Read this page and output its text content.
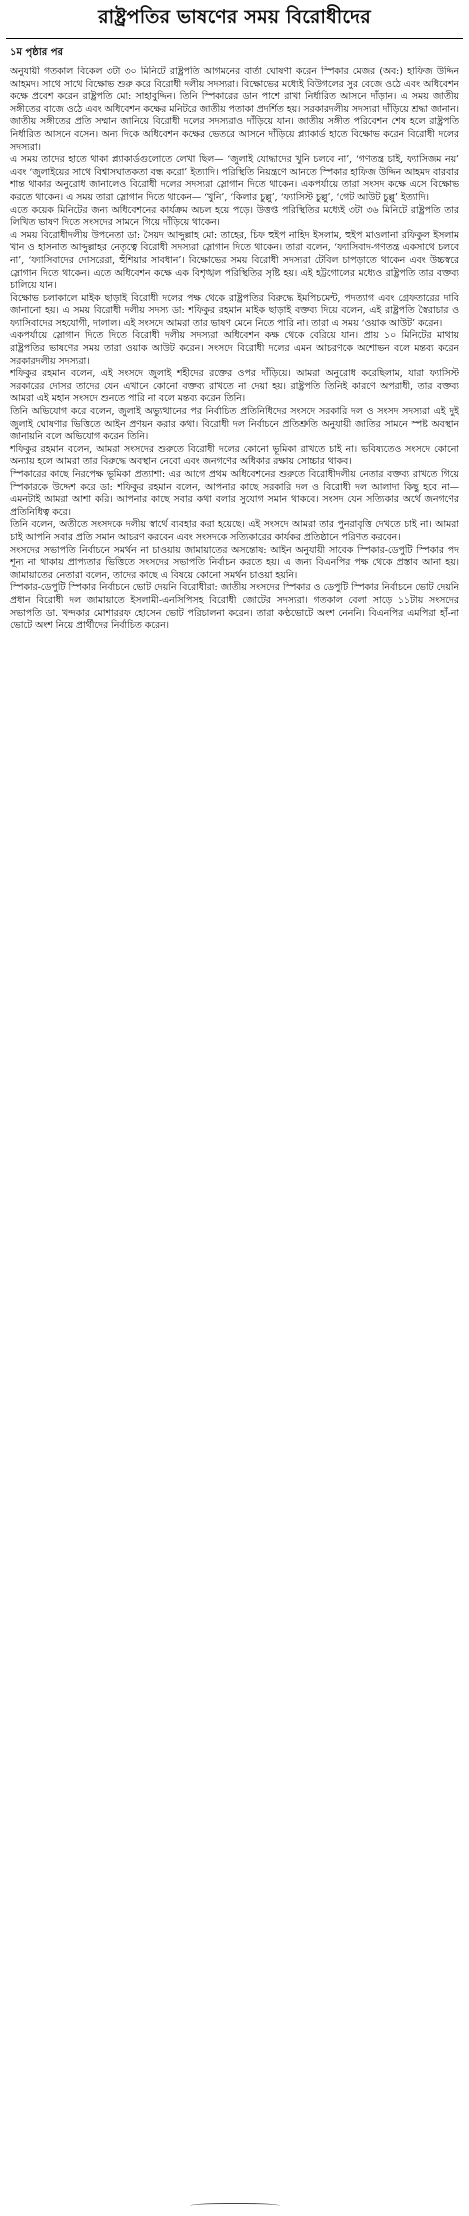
রাষ্ট্রপতির ভাষণের সময় বিরোধীদের
১ম পৃষ্ঠার পর

অনুযায়ী গতকাল বিকেল ৩টা ৩০ মিনিটে রাষ্ট্রপতি আগমনের বার্তা ঘোষণা করেন স্পিকার মেজর (অব:) হাফিজ উদ্দিন আহমদ। সাথে সাথে বিক্ষোভ শুরু করে বিরোধী দলীয় সদস্যরা। বিক্ষোভের মধ্যেই বিউগলের সুর বেজে ওঠে এবং অধিবেশন কক্ষে প্রবেশ করেন রাষ্ট্রপতি মো: সাহাবুদ্দিন। তিনি স্পিকারের ডান পাশে রাখা নির্ধারিত আসনে দাঁড়ান। এ সময় জাতীয় সঙ্গীতের বাজে ওঠে এবং অধিবেশন কক্ষের মনিটরে জাতীয় পতাকা প্রদর্শিত হয়। সরকারদলীয় সদস্যরা দাঁড়িয়ে শ্রদ্ধা জানান। জাতীয় সঙ্গীতের প্রতি সম্মান জানিয়ে বিরোধী দলের সদস্যরাও দাঁড়িয়ে যান। জাতীয় সঙ্গীত পরিবেশন শেষ হলে রাষ্ট্রপতি নির্ধারিত আসনে বসেন। অন্য দিকে অধিবেশন কক্ষের ভেতরে আসনে দাঁড়িয়ে প্ল্যাকার্ড হাতে বিক্ষোভ করেন বিরোধী দলের সদস্যরা।

এ সময় তাদের হাতে থাকা প্ল্যাকার্ডগুলোতে লেখা ছিল— ‘জুলাই যোদ্ধাদের খুনি চলবে না’, ‘গণতন্ত্র চাই, ফ্যাসিজম নয়’ এবং ‘জুলাইয়ের সাথে বিশ্বাসঘাতকতা বন্ধ করো’ ইত্যাদি। পরিস্থিতি নিয়ন্ত্রণে আনতে স্পিকার হাফিজ উদ্দিন আহমদ বারবার শান্ত থাকার অনুরোধ জানালেও বিরোধী দলের সদস্যরা স্লোগান দিতে থাকেন। একপর্যায়ে তারা সংসদ কক্ষে এসে বিক্ষোভ করতে থাকেন। এ সময় তারা স্লোগান দিতে থাকেন— ‘খুনি’, ‘কিলার চুল্লু’, ‘ফ্যাসিস্ট চুল্লু’, ‘গেট আউট চুল্লু’ ইত্যাদি।

এতে কয়েক মিনিটের জন্য অধিবেশনের কার্যক্রম অচল হয়ে পড়ে। উত্তপ্ত পরিস্থিতির মধ্যেই ৩টা ৩৬ মিনিটে রাষ্ট্রপতি তার লিখিত ভাষণ দিতে সংসদের সামনে গিয়ে দাঁড়িয়ে থাকেন।

এ সময় বিরোধীদলীয় উপনেতা ডা: সৈয়দ আব্দুল্লাহ মো: তাহের, চিফ হুইপ নাহিদ ইসলাম, হুইপ মাওলানা রফিকুল ইসলাম খান ও হাসনাত আব্দুল্লাহর নেতৃত্বে বিরোধী সদস্যরা স্লোগান দিতে থাকেন। তারা বলেন, ‘ফ্যাসিবাদ-গণতন্ত্র একসাথে চলবে না’, ‘ফ্যাসিবাদের দোসরেরা, হুঁশিয়ার সাবধান’। বিক্ষোভের সময় বিরোধী সদস্যরা টেবিল চাপড়াতে থাকেন এবং উচ্চস্বরে স্লোগান দিতে থাকেন। এতে অধিবেশন কক্ষে এক বিশৃঙ্খল পরিস্থিতির সৃষ্টি হয়। এই হট্টগোলের মধ্যেও রাষ্ট্রপতি তার বক্তব্য চালিয়ে যান।

বিক্ষোভ চলাকালে মাইক ছাড়াই বিরোধী দলের পক্ষ থেকে রাষ্ট্রপতির বিরুদ্ধে ইমপিচমেন্ট, পদত্যাগ এবং গ্রেফতারের দাবি জানানো হয়। এ সময় বিরোধী দলীয় সদস্য ডা: শফিকুর রহমান মাইক ছাড়াই বক্তব্য দিয়ে বলেন, এই রাষ্ট্রপতি স্বৈরাচার ও ফ্যাসিবাদের সহযোগী, দালাল। এই সংসদে আমরা তার ভাষণ মেনে নিতে পারি না। তারা এ সময় ‘ওয়াক আউট’ করেন।

একপর্যায়ে স্লোগান দিতে দিতে বিরোধী দলীয় সদস্যরা অধিবেশন কক্ষ থেকে বেরিয়ে যান। প্রায় ১০ মিনিটের মাথায় রাষ্ট্রপতির ভাষণের সময় তারা ওয়াক আউট করেন। সংসদে বিরোধী দলের এমন আচরণকে অশোভন বলে মন্তব্য করেন সরকারদলীয় সদস্যরা।

শফিকুর রহমান বলেন, এই সংসদে জুলাই শহীদের রক্তের ওপর দাঁড়িয়ে। আমরা অনুরোধ করেছিলাম, যারা ফ্যাসিস্ট সরকারের দোসর তাদের যেন এখানে কোনো বক্তব্য রাখতে না দেয়া হয়। রাষ্ট্রপতি তিনিই কারণে অপরাধী, তার বক্তব্য আমরা এই মহান সংসদে শুনতে পারি না বলে মন্তব্য করেন তিনি।

তিনি অভিযোগ করে বলেন, জুলাই অভ্যুত্থানের পর নির্বাচিত প্রতিনিধিদের সংসদে সরকারি দল ও সংসদ সদস্যরা এই দুই জুলাই ঘোষণার ভিত্তিতে আইন প্রণয়ন করার কথা। বিরোধী দল নির্বাচনে প্রতিশ্রুতি অনুযায়ী জাতির সামনে স্পষ্ট অবস্থান জানায়নি বলে অভিযোগ করেন তিনি।

শফিকুর রহমান বলেন, আমরা সংসদের শুরুতে বিরোধী দলের কোনো ভূমিকা রাখতে চাই না। ভবিষ্যতেও সংসদে কোনো অন্যায় হলে আমরা তার বিরুদ্ধে অবস্থান নেবো এবং জনগণের অধিকার রক্ষায় সোচ্চার থাকব।

স্পিকারের কাছে নিরপেক্ষ ভূমিকা প্রত্যাশা: এর আগে প্রথম অধিবেশনের শুরুতে বিরোধীদলীয় নেতার বক্তব্য রাখতে গিয়ে স্পিকারকে উদ্দেশ করে ডা: শফিকুর রহমান বলেন, আপনার কাছে সরকারি দল ও বিরোধী দল আলাদা কিছু হবে না— এমনটাই আমরা আশা করি। আপনার কাছে সবার কথা বলার সুযোগ সমান থাকবে। সংসদ যেন সত্যিকার অর্থে জনগণের প্রতিনিধিত্ব করে।

তিনি বলেন, অতীতে সংসদকে দলীয় স্বার্থে ব্যবহার করা হয়েছে। এই সংসদে আমরা তার পুনরাবৃত্তি দেখতে চাই না। আমরা চাই আপনি সবার প্রতি সমান আচরণ করবেন এবং সংসদকে সত্যিকারের কার্যকর প্রতিষ্ঠানে পরিণত করবেন।

সংসদের সভাপতি নির্বাচনে সমর্থন না চাওয়ায় জামায়াতের অসন্তোষ: আইন অনুযায়ী সাবেক স্পিকার-ডেপুটি স্পিকার পদ শূন্য না থাকায় প্রাপ্যতার ভিত্তিতে সংসদের সভাপতি নির্বাচন করতে হয়। এ জন্য বিএনপির পক্ষ থেকে প্রস্তাব আনা হয়। জামায়াতের নেতারা বলেন, তাদের কাছে এ বিষয়ে কোনো সমর্থন চাওয়া হয়নি।

স্পিকার-ডেপুটি স্পিকার নির্বাচনে ভোট দেয়নি বিরোধীরা: জাতীয় সংসদের স্পিকার ও ডেপুটি স্পিকার নির্বাচনে ভোট দেয়নি প্রধান বিরোধী দল জামায়াতে ইসলামী-এনসিপিসহ বিরোধী জোটের সদস্যরা। গতকাল বেলা সাড়ে ১১টায় সংসদের সভাপতি ডা. খন্দকার মোশাররফ হোসেন ভোট পরিচালনা করেন। তারা কণ্ঠভোটে অংশ নেননি। বিএনপির এমপিরা হাঁ-না ভোটে অংশ নিয়ে প্রার্থীদের নির্বাচিত করেন।
